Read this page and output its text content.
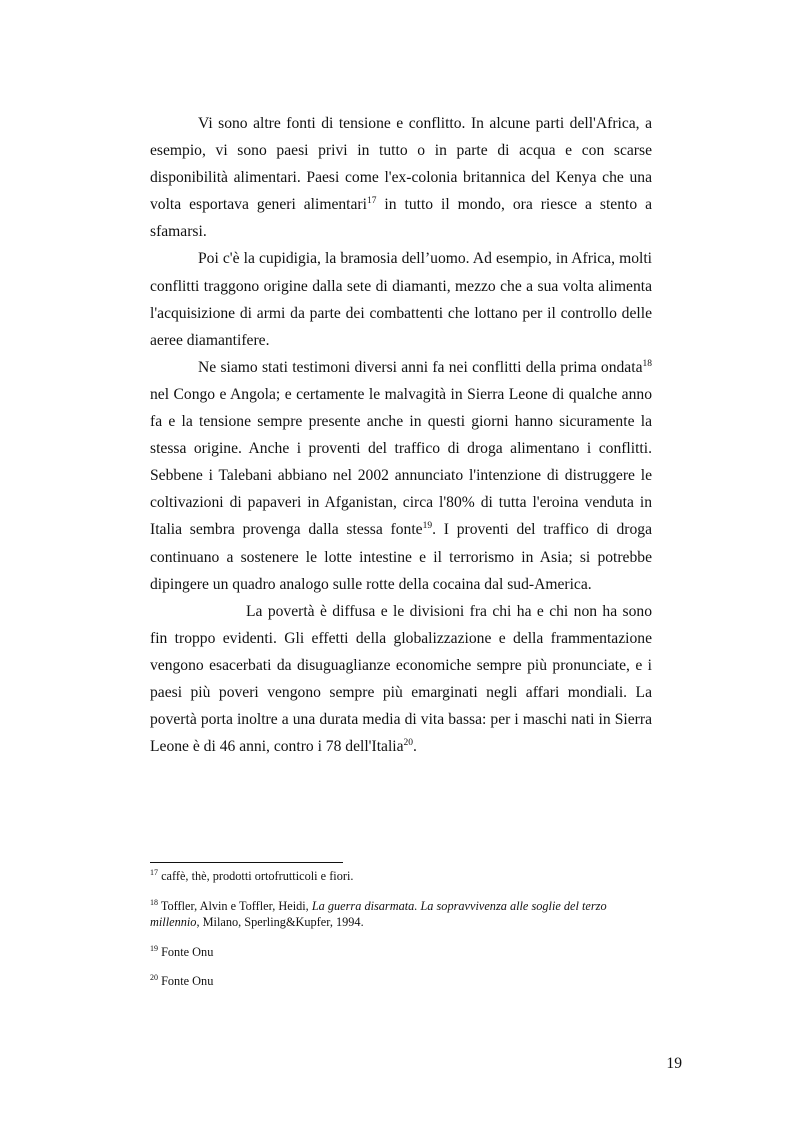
Vi sono altre fonti di tensione e conflitto. In alcune parti dell'Africa, a esempio, vi sono paesi privi in tutto o in parte di acqua e con scarse disponibilità alimentari. Paesi come l'ex-colonia britannica del Kenya che una volta esportava generi alimentari$^{17}$ in tutto il mondo, ora riesce a stento a sfamarsi.

Poi c'è la cupidigia, la bramosia dell’uomo. Ad esempio, in Africa, molti conflitti traggono origine dalla sete di diamanti, mezzo che a sua volta alimenta l'acquisizione di armi da parte dei combattenti che lottano per il controllo delle aeree diamantifere.

Ne siamo stati testimoni diversi anni fa nei conflitti della prima ondata$^{18}$ nel Congo e Angola; e certamente le malvagità in Sierra Leone di qualche anno fa e la tensione sempre presente anche in questi giorni hanno sicuramente la stessa origine. Anche i proventi del traffico di droga alimentano i conflitti. Sebbene i Talebani abbiano nel 2002 annunciato l'intenzione di distruggere le coltivazioni di papaveri in Afganistan, circa l'80% di tutta l'eroina venduta in Italia sembra provenga dalla stessa fonte$^{19}$. I proventi del traffico di droga continuano a sostenere le lotte intestine e il terrorismo in Asia; si potrebbe dipingere un quadro analogo sulle rotte della cocaina dal sud-America.

La povertà è diffusa e le divisioni fra chi ha e chi non ha sono fin troppo evidenti. Gli effetti della globalizzazione e della frammentazione vengono esacerbati da disuguaglianze economiche sempre più pronunciate, e i paesi più poveri vengono sempre più emarginati negli affari mondiali. La povertà porta inoltre a una durata media di vita bassa: per i maschi nati in Sierra Leone è di 46 anni, contro i 78 dell'Italia$^{20}$.

$^{17}$ caffè, thè, prodotti ortofrutticoli e fiori.

$^{18}$ Toffler, Alvin e Toffler, Heidi, La guerra disarmata. La sopravvivenza alle soglie del terzo millennio, Milano, Sperling&Kupfer, 1994.

$^{19}$ Fonte Onu

$^{20}$ Fonte Onu

19
